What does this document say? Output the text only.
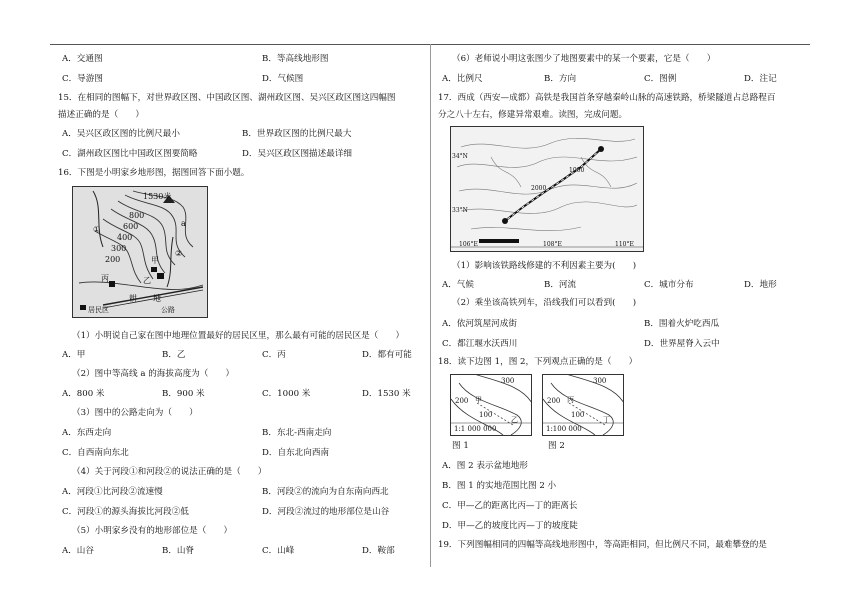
A．交通图	B．等高线地形图
C．导游图	D．气候图
15．在相同的图幅下，对世界政区图、中国政区图、湖州政区图、吴兴区政区图这四幅图
描述正确的是（　　）
A．吴兴区政区图的比例尺最小	B．世界政区图的比例尺最大
C．湖州政区图比中国政区图要简略	D．吴兴区政区图描述最详细
16．下图是小明家乡地形图，据图回答下面小题。
1530米
800
600
400
300
200
a
①
②
甲
乙
丙
耕　　地
居民区	公路
（1）小明说自己家在图中地理位置最好的居民区里，那么最有可能的居民区是（　　）
A．甲	B．乙	C．丙	D．都有可能
（2）图中等高线 a 的海拔高度为（　　）
A．800 米	B．900 米	C．1000 米	D．1530 米
（3）图中的公路走向为（　　）
A．东西走向	B．东北-西南走向
C．自西南向东北	D．自东北向西南
（4）关于河段①和河段②的说法正确的是（　　）
A．河段①比河段②流速慢	B．河段②的流向为自东南向西北
C．河段①的源头海拔比河段②低	D．河段②流过的地形部位是山谷
（5）小明家乡没有的地形部位是（　　）
A．山谷	B．山脊	C．山峰	D．鞍部
（6）老师说小明这张图少了地图要素中的某一个要素，它是（　　）
A．比例尺	B．方向	C．图例	D．注记
17．西成（西安—成都）高铁是我国首条穿越秦岭山脉的高速铁路，桥梁隧道占总路程百
分之八十左右，修建异常艰难。读图，完成问题。
34°N
33°N
106°E	108°E	110°E
1000
2000
（1）影响该铁路线修建的不利因素主要为(　　)
A．气候	B．河流	C．城市分布	D．地形
（2）乘坐该高铁列车，沿线我们可以看到(　　)
A．依河筑屋河成街	B．围着火炉吃西瓜
C．都江堰水沃西川	D．世界屋脊入云中
18．读下边图 1，图 2，下列观点正确的是（　　）
300
200
100
甲
乙
1:1 000 000
图 1
300
200
100
丙
丁
1:100 000
图 2
A．图 2 表示盆地地形
B．图 1 的实地范围比图 2 小
C．甲—乙的距离比丙—丁的距离长
D．甲—乙的坡度比丙—丁的坡度陡
19．下列图幅相同的四幅等高线地形图中，等高距相同，但比例尺不同，最难攀登的是
